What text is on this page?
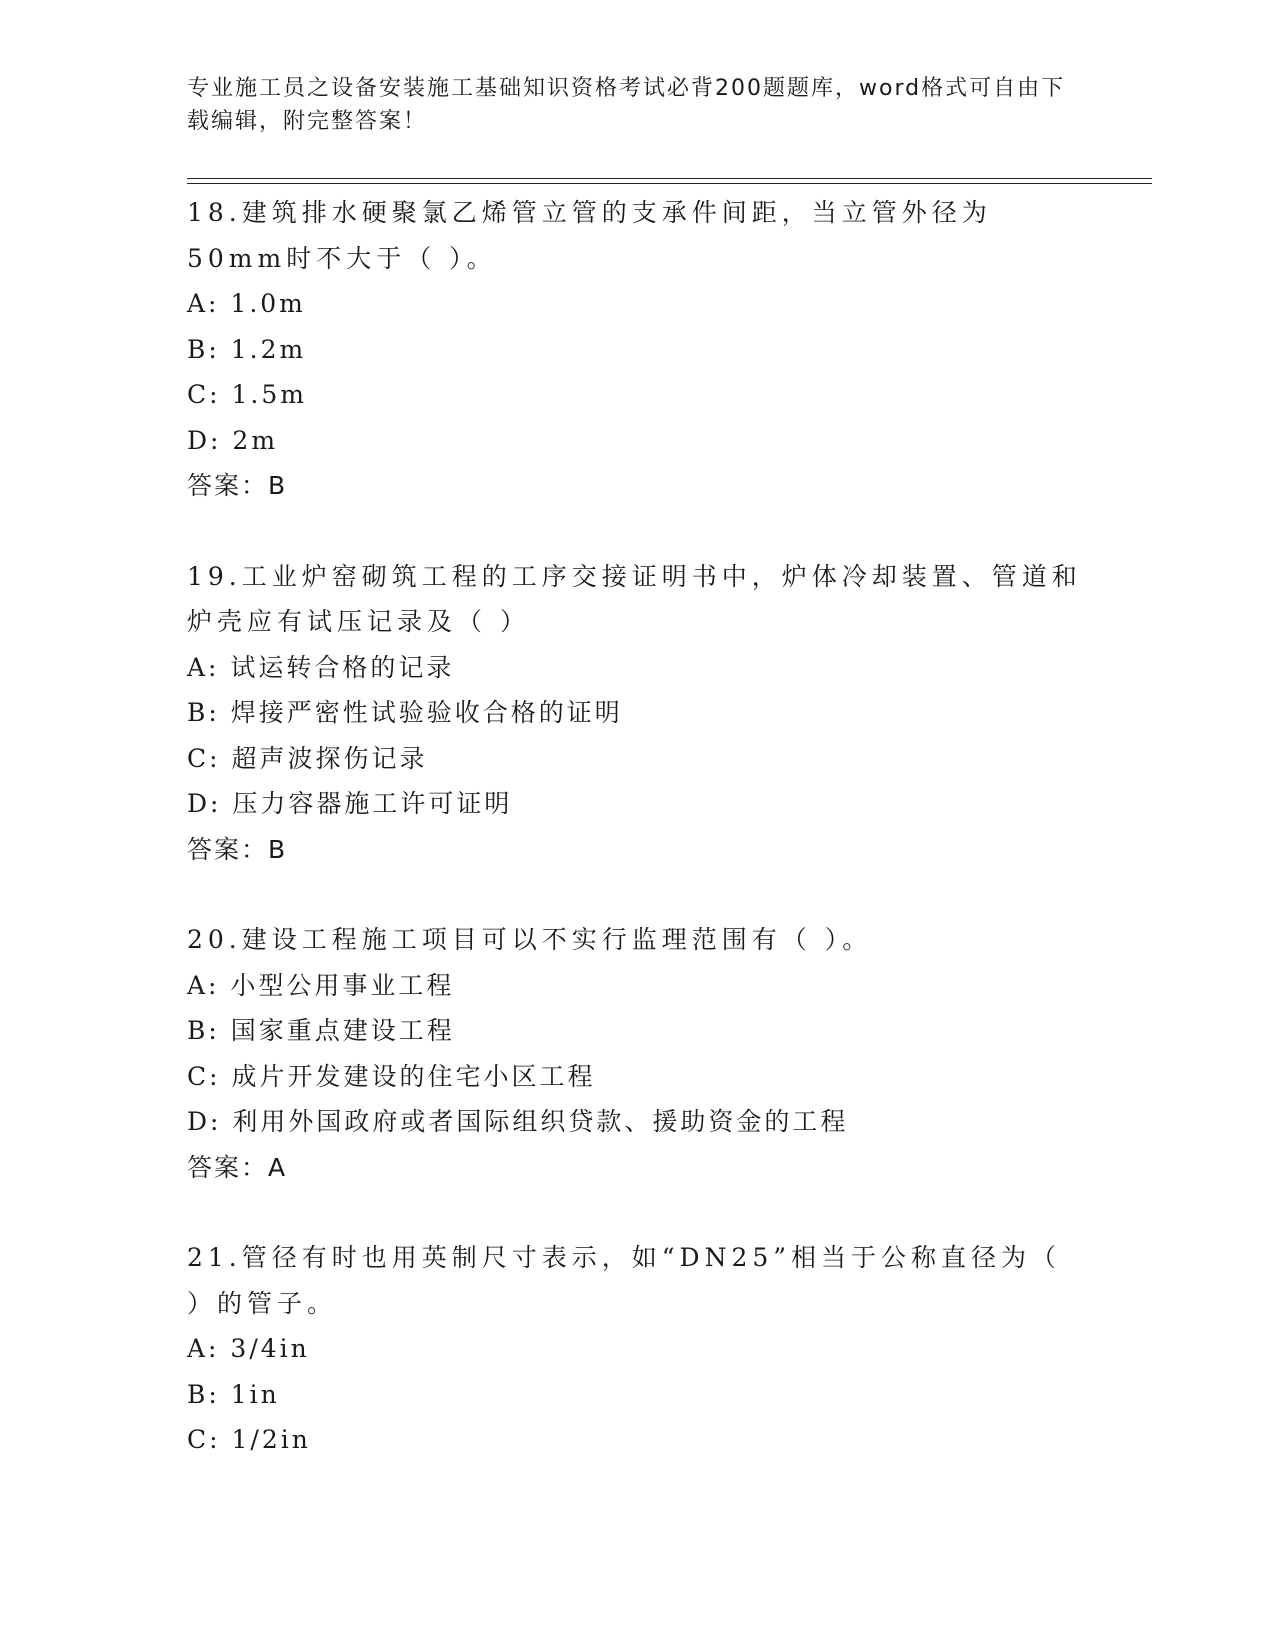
专业施工员之设备安装施工基础知识资格考试必背200题题库，word格式可自由下载编辑，附完整答案！

18.建筑排水硬聚氯乙烯管立管的支承件间距，当立管外径为50mm时不大于（ ）。

A: 1.0m

B: 1.2m

C: 1.5m

D: 2m

答案：B

19.工业炉窑砌筑工程的工序交接证明书中，炉体冷却装置、管道和炉壳应有试压记录及（ ）

A: 试运转合格的记录

B: 焊接严密性试验验收合格的证明

C: 超声波探伤记录

D: 压力容器施工许可证明

答案：B

20.建设工程施工项目可以不实行监理范围有（ ）。

A: 小型公用事业工程

B: 国家重点建设工程

C: 成片开发建设的住宅小区工程

D: 利用外国政府或者国际组织贷款、援助资金的工程

答案：A

21.管径有时也用英制尺寸表示，如“DN25”相当于公称直径为（ ）的管子。

A: 3/4in

B: 1in

C: 1/2in
